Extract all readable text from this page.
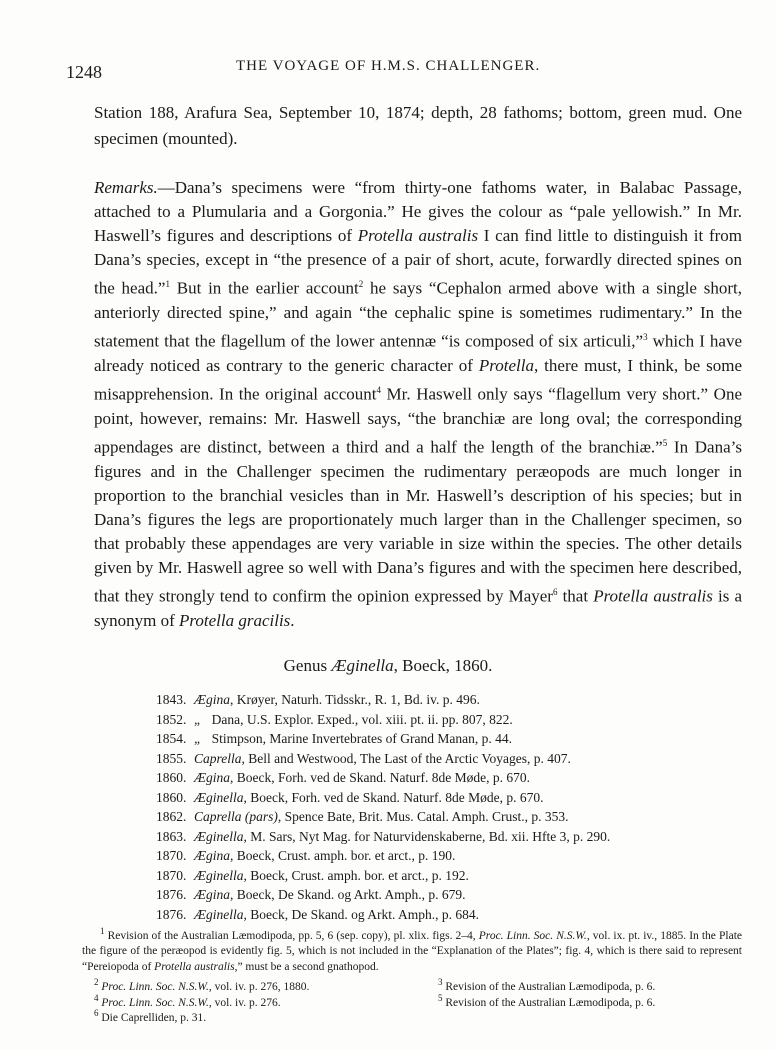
1248	THE VOYAGE OF H.M.S. CHALLENGER.
Station 188, Arafura Sea, September 10, 1874; depth, 28 fathoms; bottom, green mud. One specimen (mounted).

Remarks.—Dana’s specimens were “from thirty-one fathoms water, in Balabac Passage, attached to a Plumularia and a Gorgonia.” He gives the colour as “pale yellowish.” In Mr. Haswell’s figures and descriptions of Protella australis I can find little to distinguish it from Dana’s species, except in “the presence of a pair of short, acute, forwardly directed spines on the head.”$^1$ But in the earlier account$^2$ he says “Cephalon armed above with a single short, anteriorly directed spine,” and again “the cephalic spine is sometimes rudimentary.” In the statement that the flagellum of the lower antennæ “is composed of six articuli,”$^3$ which I have already noticed as contrary to the generic character of Protella, there must, I think, be some misapprehension. In the original account$^4$ Mr. Haswell only says “flagellum very short.” One point, however, remains: Mr. Haswell says, “the branchiæ are long oval; the corresponding appendages are distinct, between a third and a half the length of the branchiæ.”$^5$ In Dana’s figures and in the Challenger specimen the rudimentary peræopods are much longer in proportion to the branchial vesicles than in Mr. Haswell’s description of his species; but in Dana’s figures the legs are proportionately much larger than in the Challenger specimen, so that probably these appendages are very variable in size within the species. The other details given by Mr. Haswell agree so well with Dana’s figures and with the specimen here described, that they strongly tend to confirm the opinion expressed by Mayer$^6$ that Protella australis is a synonym of Protella gracilis.

Genus Æginella, Boeck, 1860.
1843. Ægina, Krøyer, Naturh. Tidsskr., R. 1, Bd. iv. p. 496.
1852. „   Dana, U.S. Explor. Exped., vol. xiii. pt. ii. pp. 807, 822.
1854. „   Stimpson, Marine Invertebrates of Grand Manan, p. 44.
1855. Caprella, Bell and Westwood, The Last of the Arctic Voyages, p. 407.
1860. Ægina, Boeck, Forh. ved de Skand. Naturf. 8de Møde, p. 670.
1860. Æginella, Boeck, Forh. ved de Skand. Naturf. 8de Møde, p. 670.
1862. Caprella (pars), Spence Bate, Brit. Mus. Catal. Amph. Crust., p. 353.
1863. Æginella, M. Sars, Nyt Mag. for Naturvidenskaberne, Bd. xii. Hfte 3, p. 290.
1870. Ægina, Boeck, Crust. amph. bor. et arct., p. 190.
1870. Æginella, Boeck, Crust. amph. bor. et arct., p. 192.
1876. Ægina, Boeck, De Skand. og Arkt. Amph., p. 679.
1876. Æginella, Boeck, De Skand. og Arkt. Amph., p. 684.

$^1$ Revision of the Australian Læmodipoda, pp. 5, 6 (sep. copy), pl. xlix. figs. 2–4, Proc. Linn. Soc. N.S.W., vol. ix. pt. iv., 1885. In the Plate the figure of the peræopod is evidently fig. 5, which is not included in the “Explanation of the Plates”; fig. 4, which is there said to represent “Pereiopoda of Protella australis,” must be a second gnathopod.

$^2$ Proc. Linn. Soc. N.S.W., vol. iv. p. 276, 1880.	$^3$ Revision of the Australian Læmodipoda, p. 6.
$^4$ Proc. Linn. Soc. N.S.W., vol. iv. p. 276.	$^5$ Revision of the Australian Læmodipoda, p. 6.
$^6$ Die Caprelliden, p. 31.
